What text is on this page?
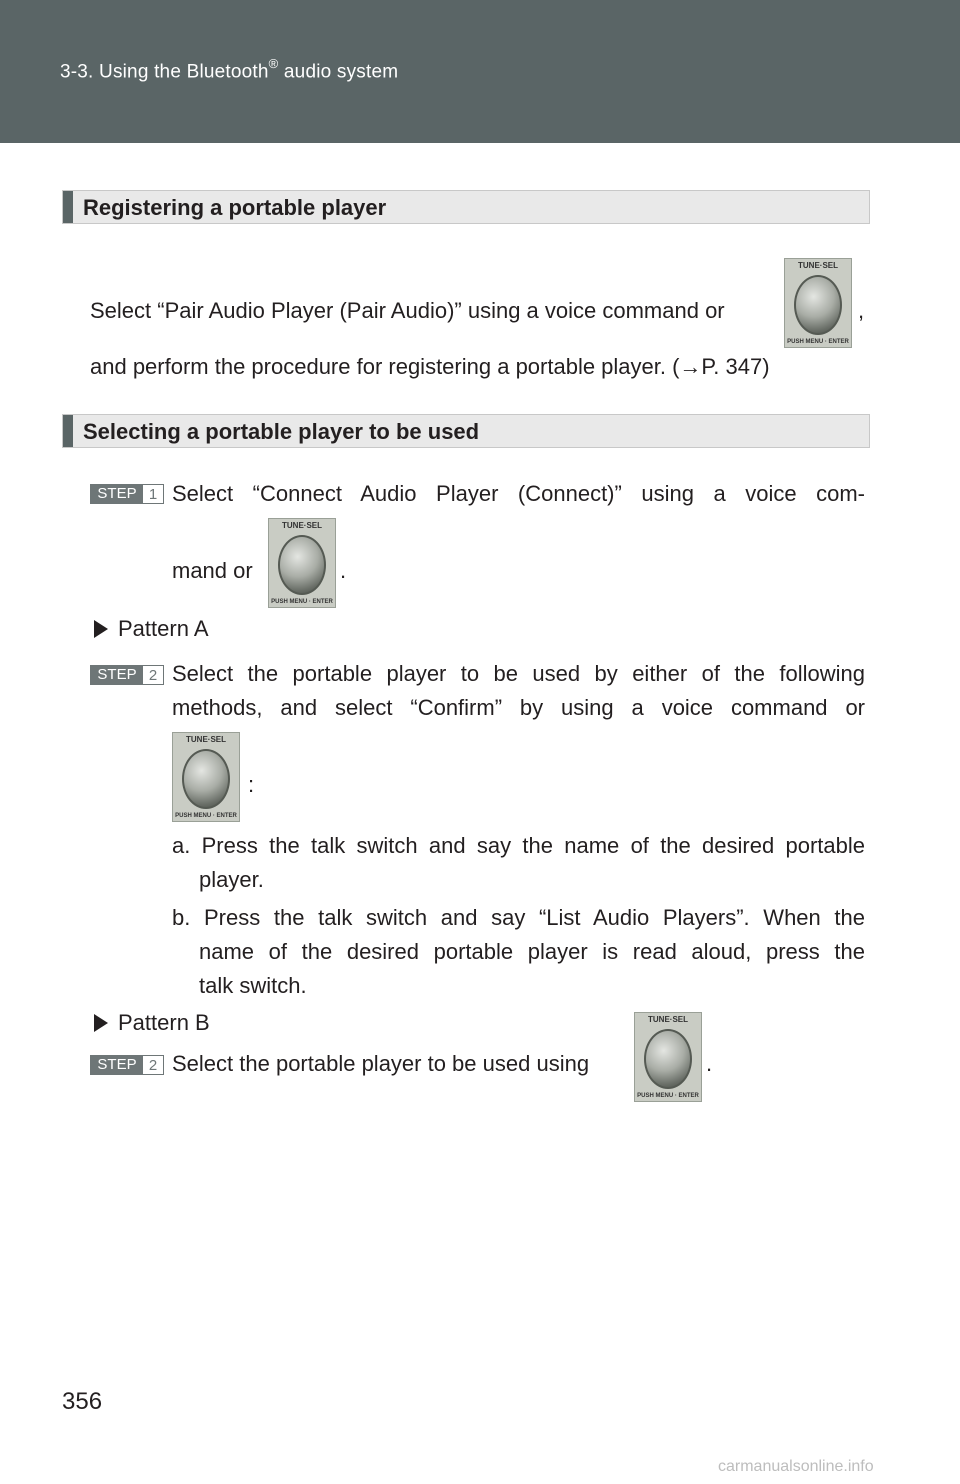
3-3. Using the Bluetooth® audio system
Registering a portable player
Select “Pair Audio Player (Pair Audio)” using a voice command or
TUNE·SEL
PUSH MENU · ENTER
,
and perform the procedure for registering a portable player. (→P. 347)
Selecting a portable player to be used
STEP 1 Select “Connect Audio Player (Connect)” using a voice com-
mand or
TUNE·SEL
PUSH MENU · ENTER
.
Pattern A
STEP 2 Select the portable player to be used by either of the following
methods, and select “Confirm” by using a voice command or
TUNE·SEL
PUSH MENU · ENTER
:
a. Press the talk switch and say the name of the desired portable
player.
b. Press the talk switch and say “List Audio Players”. When the
name of the desired portable player is read aloud, press the
talk switch.
Pattern B
STEP 2 Select the portable player to be used using
TUNE·SEL
PUSH MENU · ENTER
.
356
carmanualsonline.info
